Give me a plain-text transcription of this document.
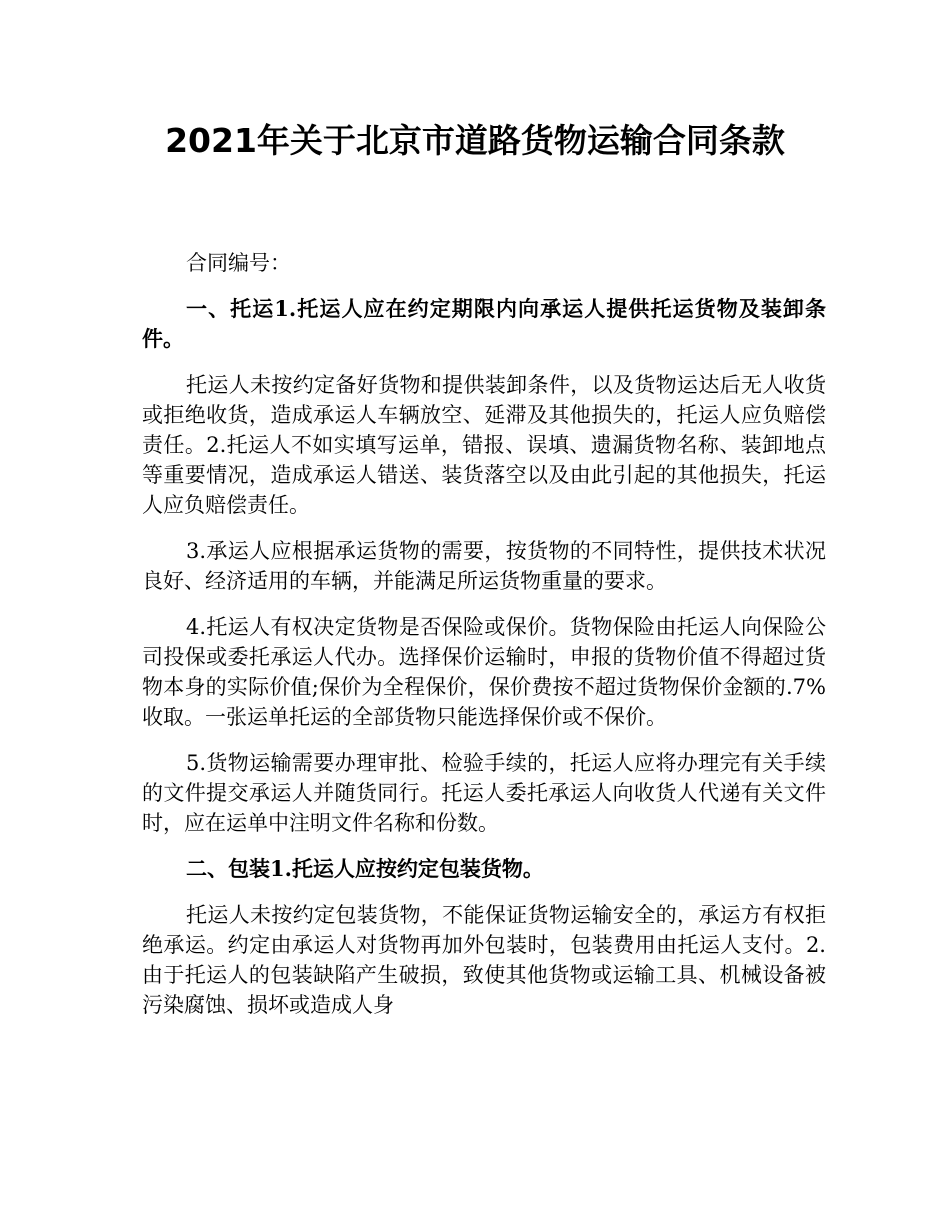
2021年关于北京市道路货物运输合同条款

合同编号：

一、托运1.托运人应在约定期限内向承运人提供托运货物及装卸条件。

托运人未按约定备好货物和提供装卸条件，以及货物运达后无人收货或拒绝收货，造成承运人车辆放空、延滞及其他损失的，托运人应负赔偿责任。2.托运人不如实填写运单，错报、误填、遗漏货物名称、装卸地点等重要情况，造成承运人错送、装货落空以及由此引起的其他损失，托运人应负赔偿责任。

3.承运人应根据承运货物的需要，按货物的不同特性，提供技术状况良好、经济适用的车辆，并能满足所运货物重量的要求。

4.托运人有权决定货物是否保险或保价。货物保险由托运人向保险公司投保或委托承运人代办。选择保价运输时，申报的货物价值不得超过货物本身的实际价值;保价为全程保价，保价费按不超过货物保价金额的.7%收取。一张运单托运的全部货物只能选择保价或不保价。

5.货物运输需要办理审批、检验手续的，托运人应将办理完有关手续的文件提交承运人并随货同行。托运人委托承运人向收货人代递有关文件时，应在运单中注明文件名称和份数。

二、包装1.托运人应按约定包装货物。

托运人未按约定包装货物，不能保证货物运输安全的，承运方有权拒绝承运。约定由承运人对货物再加外包装时，包装费用由托运人支付。2.由于托运人的包装缺陷产生破损，致使其他货物或运输工具、机械设备被污染腐蚀、损坏或造成人身
